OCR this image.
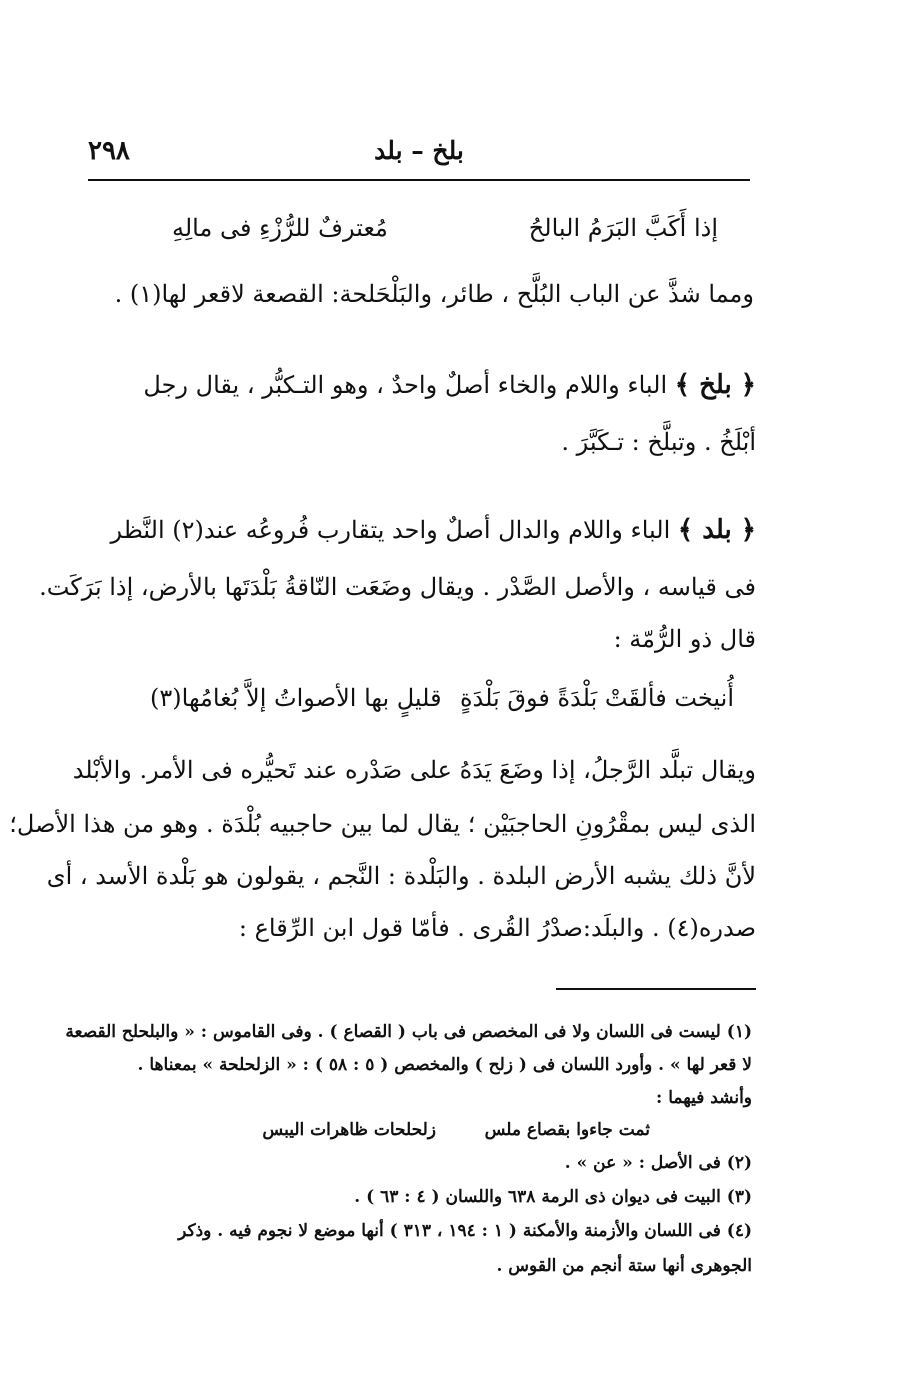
٢٩٨	بلخ – بلد
إذا أَكَبَّ البَرَمُ البالحُ
مُعترفٌ للرُّزْءِ فى مالِهِ
ومما شذَّ عن الباب البُلَّح ، طائر، والبَلْحَلحة: القصعة لاقعر لها(١) .
﴿ بلخ ﴾ الباء واللام والخاء أصلٌ واحدٌ ، وهو التـكبُّر ، يقال رجل
أبْلَخُ . وتبلَّخ : تـكَبَّرَ .
﴿ بلد ﴾ الباء واللام والدال أصلٌ واحد يتقارب فُروعُه عند(٢) النَّظر
فى قياسه ، والأصل الصَّدْر . ويقال وضَعَت النّاقةُ بَلْدَتَها بالأرض، إذا بَرَكَت.
قال ذو الرُّمّة :
أُنيخت فألقَتْ بَلْدَةً فوقَ بَلْدَةٍ
قليلٍ بها الأصواتُ إلاَّ بُغامُها(٣)
ويقال تبلَّد الرَّجلُ، إذا وضَعَ يَدَهُ على صَدْره عند تَحيُّره فى الأمر. والأبْلد
الذى ليس بمقْرُونِ الحاجبَيْن ؛ يقال لما بين حاجبيه بُلْدَة . وهو من هذا الأصل؛
لأنَّ ذلك يشبه الأرض البلدة . والبَلْدة : النَّجم ، يقولون هو بَلْدة الأسد ، أى
صدره(٤) . والبلَد:صدْرُ القُرى . فأمّا قول ابن الرِّقاع :
(١) ليست فى اللسان ولا فى المخصص فى باب ( القصاع ) . وفى القاموس : « والبلحلح القصعة
لا قعر لها » . وأورد اللسان فى ( زلح ) والمخصص ( ٥ : ٥٨ ) : « الزلحلحة » بمعناها .
وأنشد فيهما :
ثمت جاءوا بقصاع ملس
زلحلحات ظاهرات اليبس
(٢) فى الأصل : « عن » .
(٣) البيت فى ديوان ذى الرمة ٦٣٨ واللسان ( ٤ : ٦٣ ) .
(٤) فى اللسان والأزمنة والأمكنة ( ١ : ١٩٤ ، ٣١٣ ) أنها موضع لا نجوم فيه . وذكر
الجوهرى أنها ستة أنجم من القوس .
